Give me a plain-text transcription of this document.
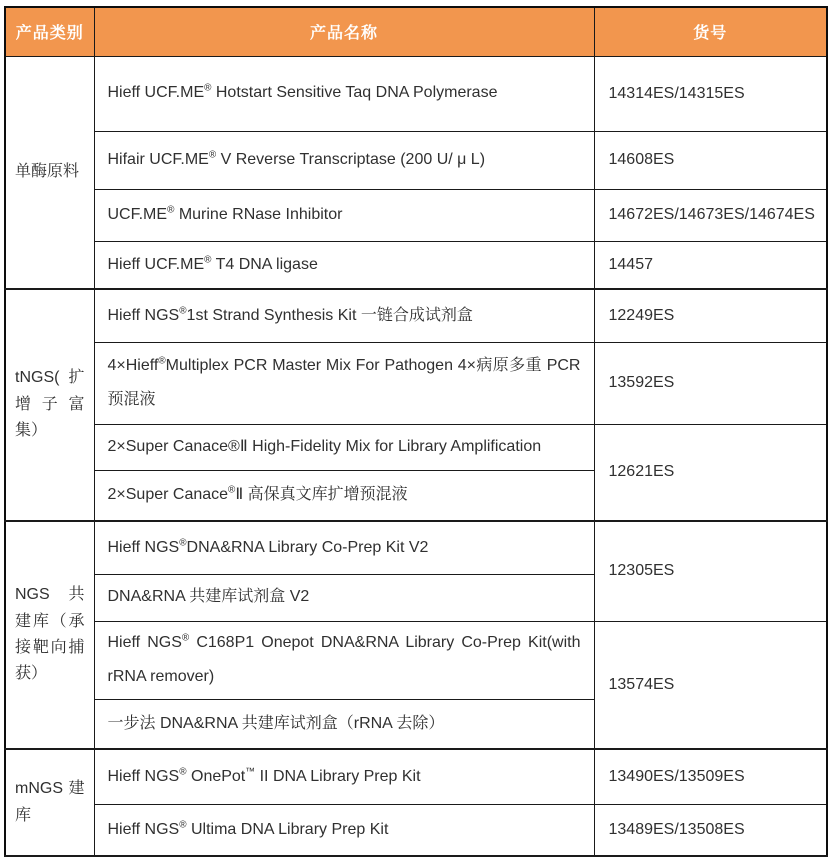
产品类别	产品名称	货号
单酶原料	Hieff UCF.ME® Hotstart Sensitive Taq DNA Polymerase	14314ES/14315ES
	Hifair UCF.ME® V Reverse Transcriptase (200 U/ μ L)	14608ES
	UCF.ME® Murine RNase Inhibitor	14672ES/14673ES/14674ES
	Hieff UCF.ME® T4 DNA ligase	14457
tNGS(扩增子富集）	Hieff NGS®1st Strand Synthesis Kit 一链合成试剂盒	12249ES
	4×Hieff®Multiplex PCR Master Mix For Pathogen 4×病原多重 PCR 预混液	13592ES
	2×Super Canace®Ⅱ High-Fidelity Mix for Library Amplification	12621ES
	2×Super Canace®Ⅱ 高保真文库扩增预混液	
NGS 共建库（承接靶向捕获）	Hieff NGS®DNA&RNA Library Co-Prep Kit V2	12305ES
	DNA&RNA 共建库试剂盒 V2	
	Hieff NGS® C168P1 Onepot DNA&RNA Library Co-Prep Kit(with rRNA remover)	13574ES
	一步法 DNA&RNA 共建库试剂盒（rRNA 去除）	
mNGS 建库	Hieff NGS® OnePot™ II DNA Library Prep Kit	13490ES/13509ES
	Hieff NGS® Ultima DNA Library Prep Kit	13489ES/13508ES
